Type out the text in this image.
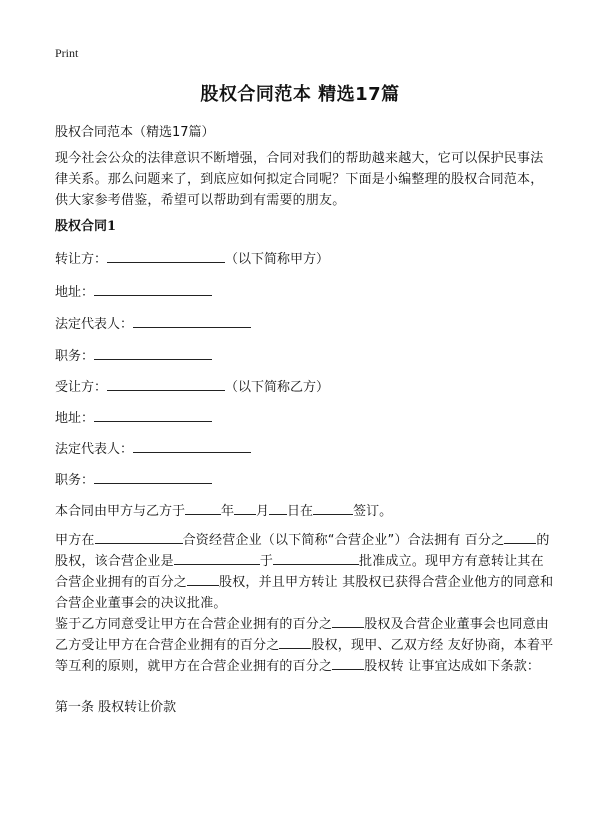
Print
股权合同范本 精选17篇
股权合同范本（精选17篇）
现今社会公众的法律意识不断增强，合同对我们的帮助越来越大，它可以保护民事法律关系。那么问题来了，到底应如何拟定合同呢？下面是小编整理的股权合同范本，供大家参考借鉴，希望可以帮助到有需要的朋友。
股权合同1
转让方：	（以下简称甲方）
地址：
法定代表人：
职务：
受让方：	（以下简称乙方）
地址：
法定代表人：
职务：
本合同由甲方与乙方于	年 月 日在	签订。
甲方在	合资经营企业（以下简称“合营企业”）合法拥有 百分之 的股权，该合营企业是	于	批准成立。现甲方有意转让其在合营企业拥有的百分之 股权，并且甲方转让 其股权已获得合营企业他方的同意和合营企业董事会的决议批准。
鉴于乙方同意受让甲方在合营企业拥有的百分之 股权及合营企业董事会也同意由乙方受让甲方在合营企业拥有的百分之 股权，现甲、乙双方经 友好协商，本着平等互利的原则，就甲方在合营企业拥有的百分之 股权转 让事宜达成如下条款：
第一条 股权转让价款
